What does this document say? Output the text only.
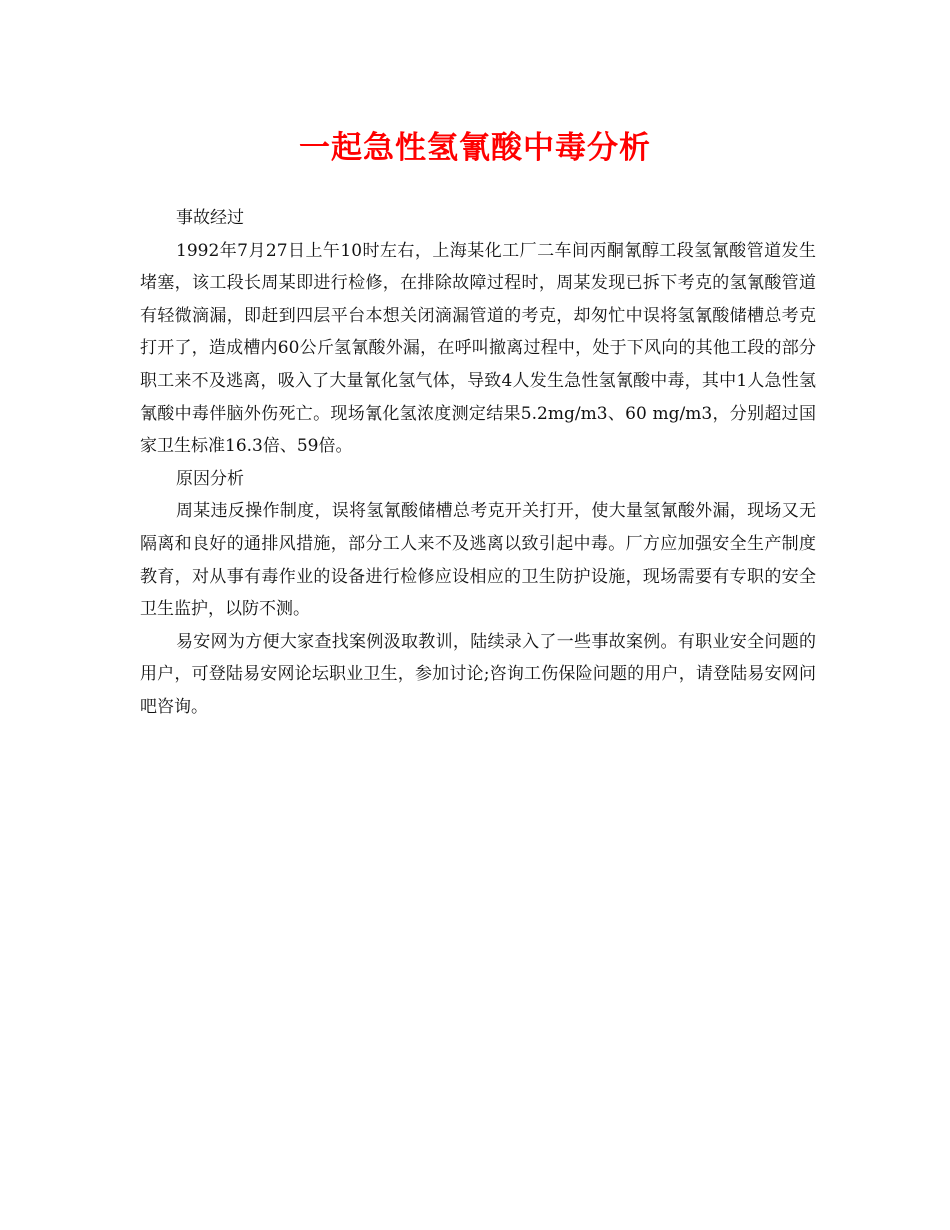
一起急性氢氰酸中毒分析

事故经过

1992年7月27日上午10时左右，上海某化工厂二车间丙酮氰醇工段氢氰酸管道发生堵塞，该工段长周某即进行检修，在排除故障过程时，周某发现已拆下考克的氢氰酸管道有轻微滴漏，即赶到四层平台本想关闭滴漏管道的考克，却匆忙中误将氢氰酸储槽总考克打开了，造成槽内60公斤氢氰酸外漏，在呼叫撤离过程中，处于下风向的其他工段的部分职工来不及逃离，吸入了大量氰化氢气体，导致4人发生急性氢氰酸中毒，其中1人急性氢氰酸中毒伴脑外伤死亡。现场氰化氢浓度测定结果5.2mg/m3、60 mg/m3，分别超过国家卫生标准16.3倍、59倍。

原因分析

周某违反操作制度，误将氢氰酸储槽总考克开关打开，使大量氢氰酸外漏，现场又无隔离和良好的通排风措施，部分工人来不及逃离以致引起中毒。厂方应加强安全生产制度教育，对从事有毒作业的设备进行检修应设相应的卫生防护设施，现场需要有专职的安全卫生监护，以防不测。

易安网为方便大家查找案例汲取教训，陆续录入了一些事故案例。有职业安全问题的用户，可登陆易安网论坛职业卫生，参加讨论;咨询工伤保险问题的用户，请登陆易安网问吧咨询。
